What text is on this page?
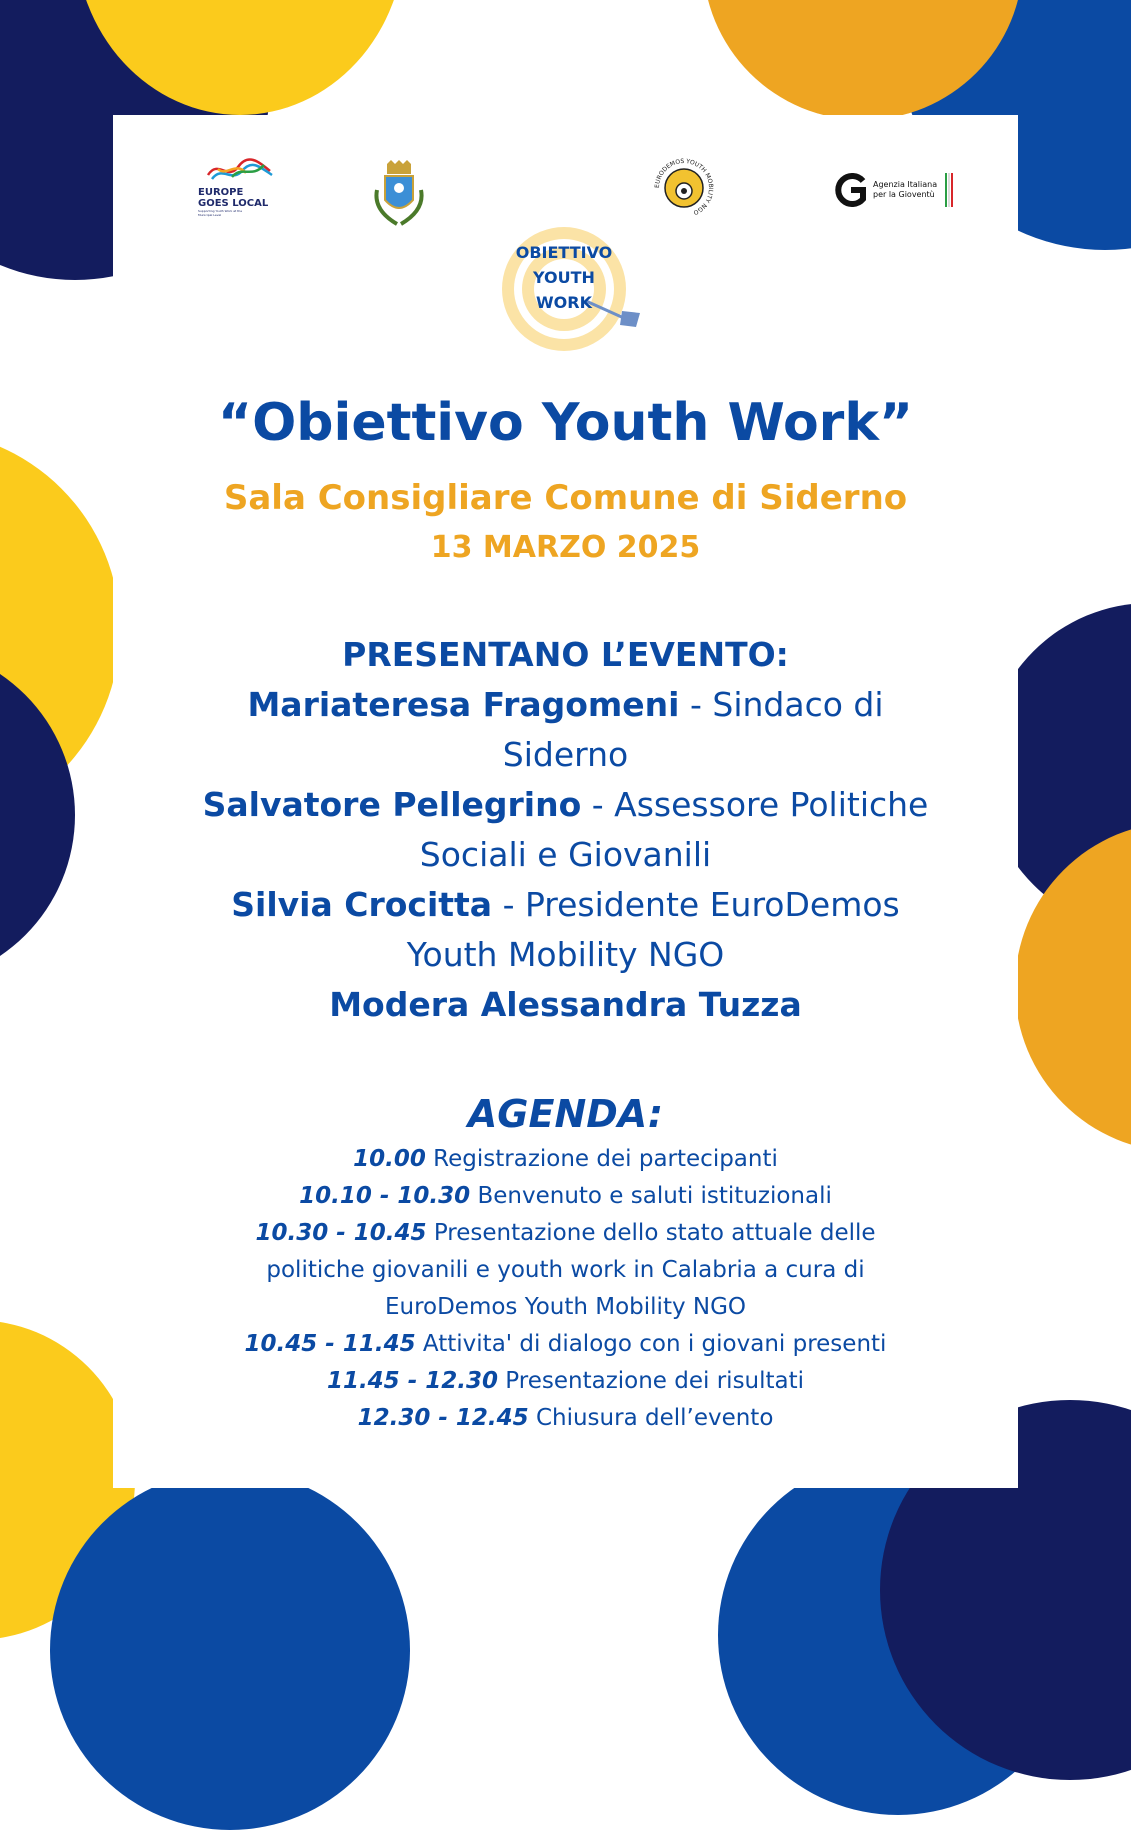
EUROPE
GOES LOCAL
Supporting Youth Work at the Municipal Level
EURODEMOS YOUTH MOBILITY NGO
Agenzia Italiana
per la Gioventù
OBIETTIVO
YOUTH
WORK
“Obiettivo Youth Work”
Sala Consigliare Comune di Siderno
13 MARZO 2025
PRESENTANO L’EVENTO:
Mariateresa Fragomeni - Sindaco di
Siderno
Salvatore Pellegrino - Assessore Politiche
Sociali e Giovanili
Silvia Crocitta - Presidente EuroDemos
Youth Mobility NGO
Modera Alessandra Tuzza
AGENDA:
10.00 Registrazione dei partecipanti
10.10 - 10.30 Benvenuto e saluti istituzionali
10.30 - 10.45 Presentazione dello stato attuale delle
politiche giovanili e youth work in Calabria a cura di
EuroDemos Youth Mobility NGO
10.45 - 11.45 Attivita' di dialogo con i giovani presenti
11.45 - 12.30 Presentazione dei risultati
12.30 - 12.45 Chiusura dell’evento
